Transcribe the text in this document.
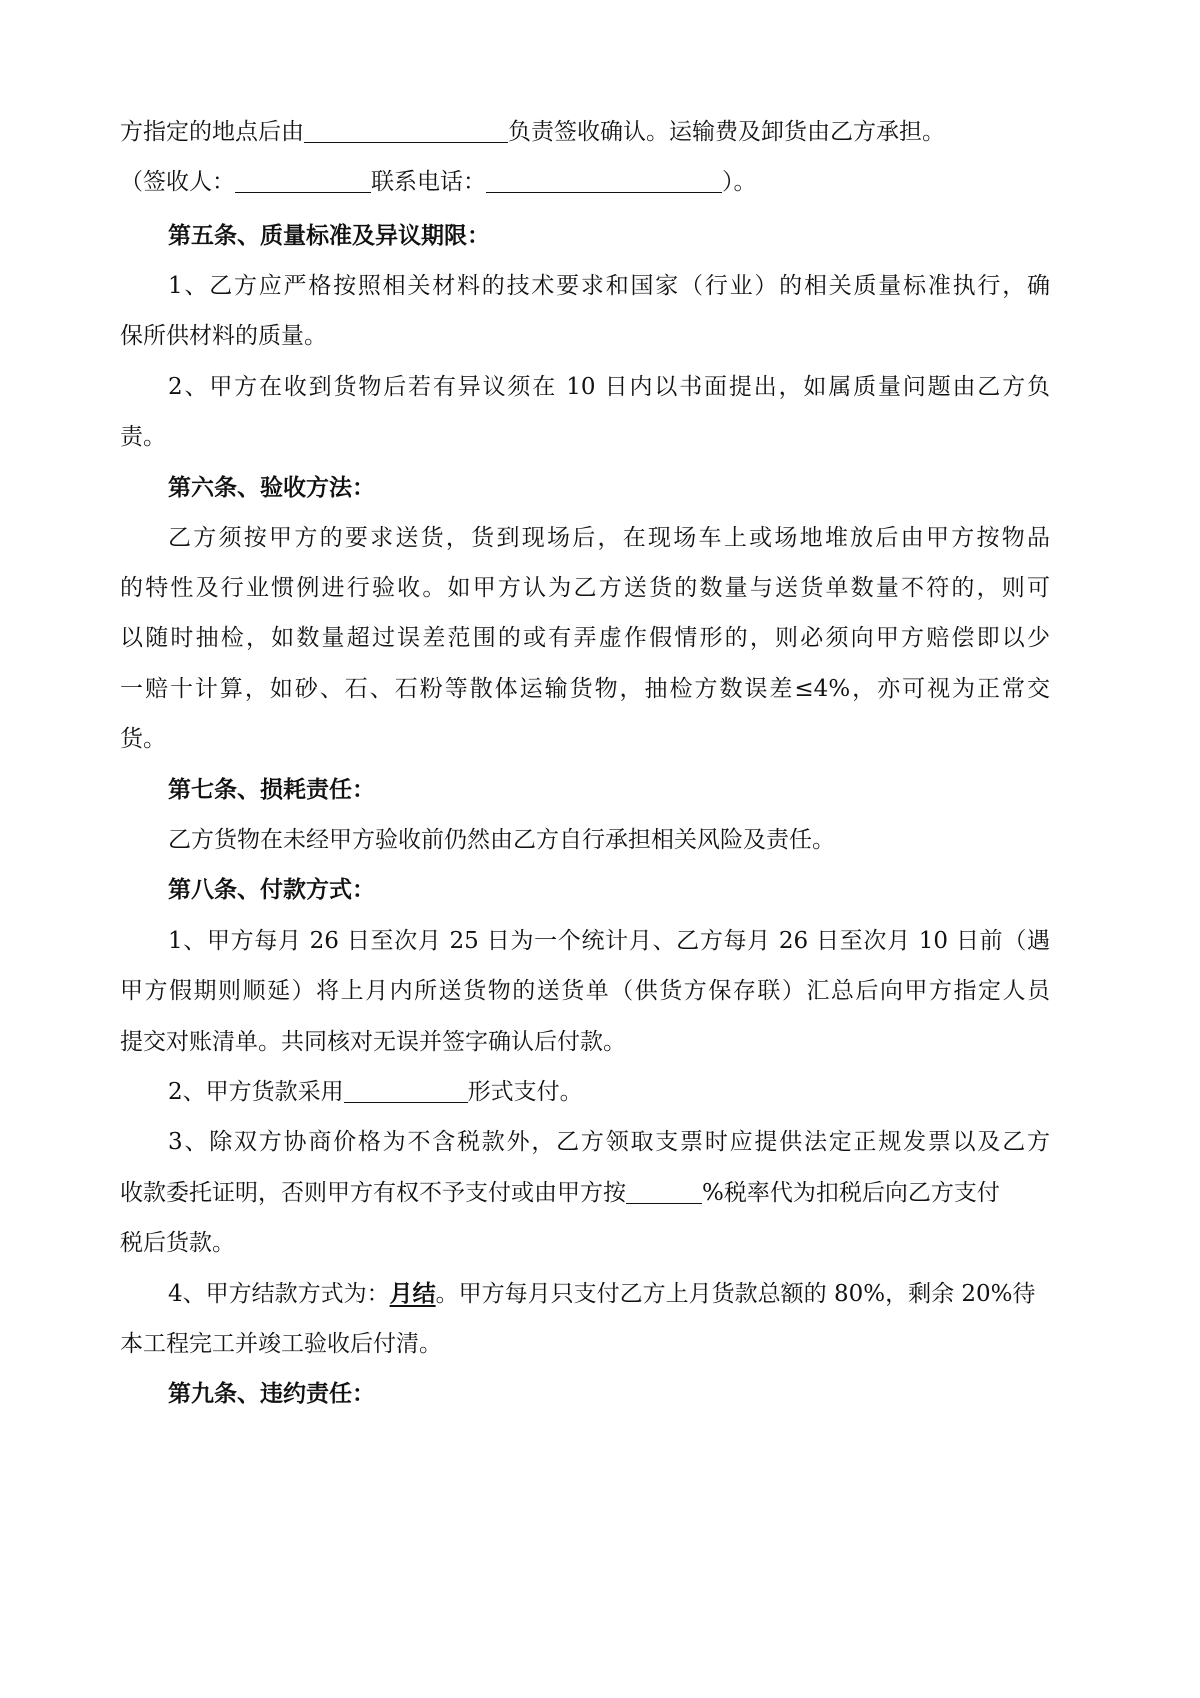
方指定的地点后由	负责签收确认。运输费及卸货由乙方承担。
（签收人：	联系电话：	）。
第五条、质量标准及异议期限：
1、乙方应严格按照相关材料的技术要求和国家（行业）的相关质量标准执行，确
保所供材料的质量。
2、甲方在收到货物后若有异议须在 10 日内以书面提出，如属质量问题由乙方负
责。
第六条、验收方法：
乙方须按甲方的要求送货，货到现场后，在现场车上或场地堆放后由甲方按物品
的特性及行业惯例进行验收。如甲方认为乙方送货的数量与送货单数量不符的，则可
以随时抽检，如数量超过误差范围的或有弄虚作假情形的，则必须向甲方赔偿即以少
一赔十计算，如砂、石、石粉等散体运输货物，抽检方数误差≤4%，亦可视为正常交
货。
第七条、损耗责任：
乙方货物在未经甲方验收前仍然由乙方自行承担相关风险及责任。
第八条、付款方式：
1、甲方每月 26 日至次月 25 日为一个统计月、乙方每月 26 日至次月 10 日前（遇
甲方假期则顺延）将上月内所送货物的送货单（供货方保存联）汇总后向甲方指定人员
提交对账清单。共同核对无误并签字确认后付款。
2、甲方货款采用	形式支付。
3、除双方协商价格为不含税款外，乙方领取支票时应提供法定正规发票以及乙方
收款委托证明，否则甲方有权不予支付或由甲方按	%税率代为扣税后向乙方支付
税后货款。
4、甲方结款方式为：月结。甲方每月只支付乙方上月货款总额的 80%，剩余 20%待
本工程完工并竣工验收后付清。
第九条、违约责任：
